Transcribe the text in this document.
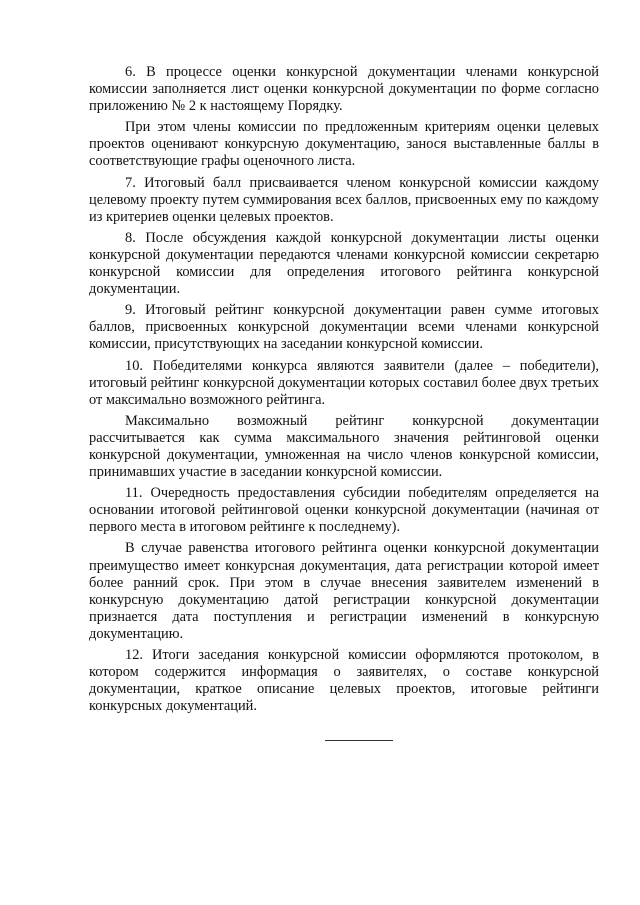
6. В процессе оценки конкурсной документации членами конкурсной комиссии заполняется лист оценки конкурсной документации по форме согласно приложению № 2 к настоящему Порядку.

При этом члены комиссии по предложенным критериям оценки целевых проектов оценивают конкурсную документацию, занося выставленные баллы в соответствующие графы оценочного листа.

7. Итоговый балл присваивается членом конкурсной комиссии каждому целевому проекту путем суммирования всех баллов, присвоенных ему по каждому из критериев оценки целевых проектов.

8. После обсуждения каждой конкурсной документации листы оценки конкурсной документации передаются членами конкурсной комиссии секретарю конкурсной комиссии для определения итогового рейтинга конкурсной документации.

9. Итоговый рейтинг конкурсной документации равен сумме итоговых баллов, присвоенных конкурсной документации всеми членами конкурсной комиссии, присутствующих на заседании конкурсной комиссии.

10. Победителями конкурса являются заявители (далее – победители), итоговый рейтинг конкурсной документации которых составил более двух третьих от максимально возможного рейтинга.

Максимально возможный рейтинг конкурсной документации рассчитывается как сумма максимального значения рейтинговой оценки конкурсной документации, умноженная на число членов конкурсной комиссии, принимавших участие в заседании конкурсной комиссии.

11. Очередность предоставления субсидии победителям определяется на основании итоговой рейтинговой оценки конкурсной документации (начиная от первого места в итоговом рейтинге к последнему).

В случае равенства итогового рейтинга оценки конкурсной документации преимущество имеет конкурсная документация, дата регистрации которой имеет более ранний срок. При этом в случае внесения заявителем изменений в конкурсную документацию датой регистрации конкурсной документации признается дата поступления и регистрации изменений в конкурсную документацию.

12. Итоги заседания конкурсной комиссии оформляются протоколом, в котором содержится информация о заявителях, о составе конкурсной документации, краткое описание целевых проектов, итоговые рейтинги конкурсных документаций.
